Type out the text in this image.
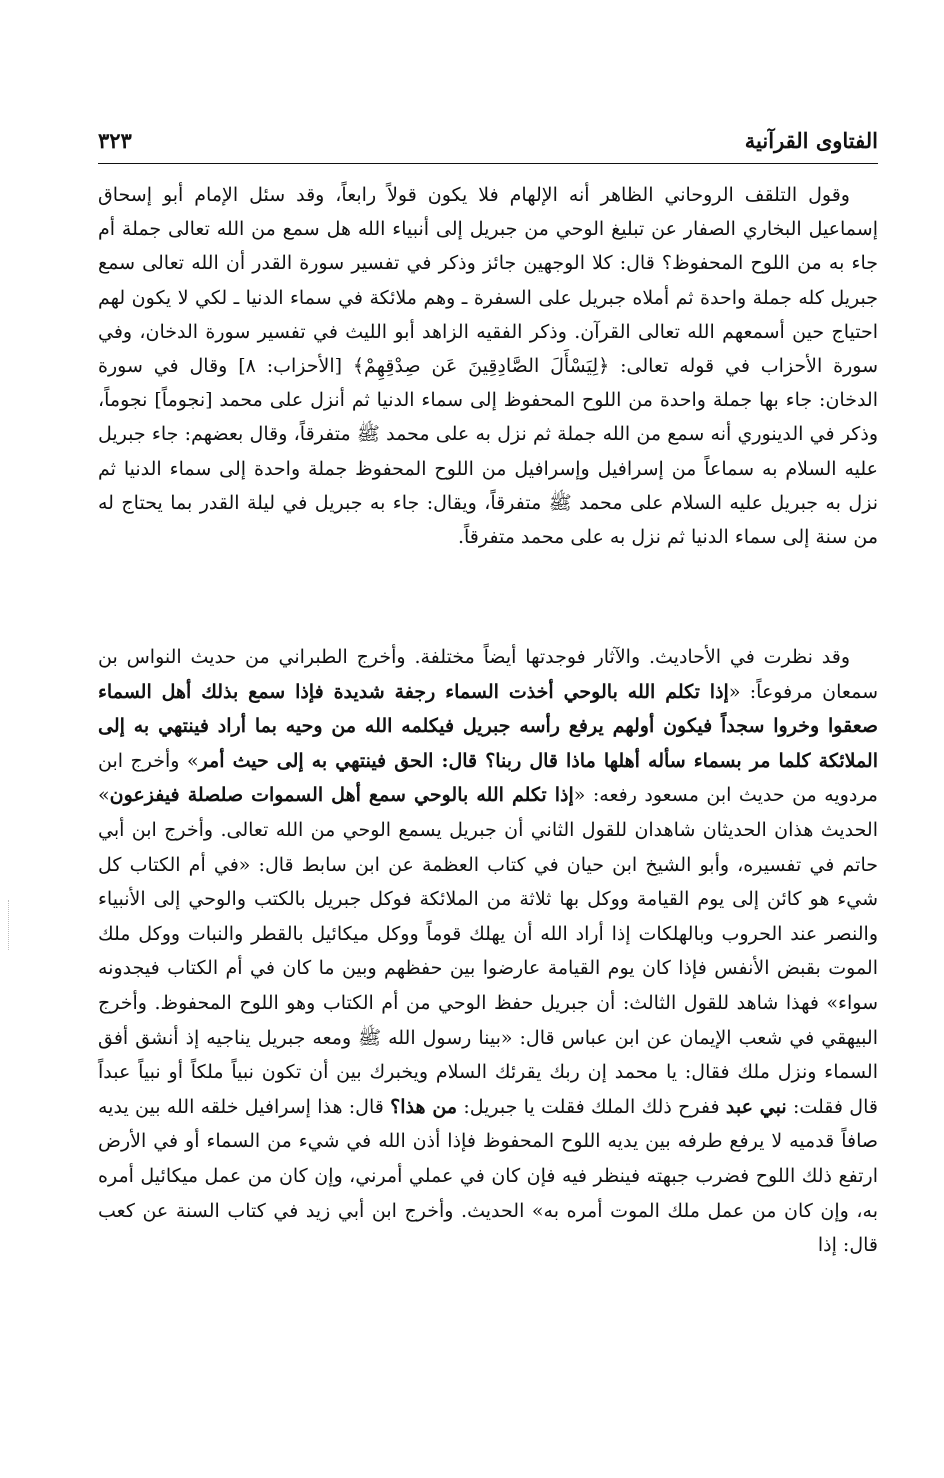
الفتاوى القرآنية
٣٢٣

وقول التلقف الروحاني الظاهر أنه الإلهام فلا يكون قولاً رابعاً، وقد سئل الإمام أبو إسحاق إسماعيل البخاري الصفار عن تبليغ الوحي من جبريل إلى أنبياء الله هل سمع من الله تعالى جملة أم جاء به من اللوح المحفوظ؟ قال: كلا الوجهين جائز وذكر في تفسير سورة القدر أن الله تعالى سمع جبريل كله جملة واحدة ثم أملاه جبريل على السفرة ـ وهم ملائكة في سماء الدنيا ـ لكي لا يكون لهم احتياج حين أسمعهم الله تعالى القرآن. وذكر الفقيه الزاهد أبو الليث في تفسير سورة الدخان، وفي سورة الأحزاب في قوله تعالى: ﴿لِيَسْأَلَ الصَّادِقِينَ عَن صِدْقِهِمْ﴾ [الأحزاب: ٨] وقال في سورة الدخان: جاء بها جملة واحدة من اللوح المحفوظ إلى سماء الدنيا ثم أنزل على محمد [نجوماً] نجوماً، وذكر في الدينوري أنه سمع من الله جملة ثم نزل به على محمد ﷺ متفرقاً، وقال بعضهم: جاء جبريل عليه السلام به سماعاً من إسرافيل وإسرافيل من اللوح المحفوظ جملة واحدة إلى سماء الدنيا ثم نزل به جبريل عليه السلام على محمد ﷺ متفرقاً، ويقال: جاء به جبريل في ليلة القدر بما يحتاج له من سنة إلى سماء الدنيا ثم نزل به على محمد متفرقاً.

وقد نظرت في الأحاديث. والآثار فوجدتها أيضاً مختلفة. وأخرج الطبراني من حديث النواس بن سمعان مرفوعاً: «إذا تكلم الله بالوحي أخذت السماء رجفة شديدة فإذا سمع بذلك أهل السماء صعقوا وخروا سجداً فيكون أولهم يرفع رأسه جبريل فيكلمه الله من وحيه بما أراد فينتهي به إلى الملائكة كلما مر بسماء سأله أهلها ماذا قال ربنا؟ قال: الحق فينتهي به إلى حيث أمر» وأخرج ابن مردويه من حديث ابن مسعود رفعه: «إذا تكلم الله بالوحي سمع أهل السموات صلصلة فيفزعون» الحديث هذان الحديثان شاهدان للقول الثاني أن جبريل يسمع الوحي من الله تعالى. وأخرج ابن أبي حاتم في تفسيره، وأبو الشيخ ابن حيان في كتاب العظمة عن ابن سابط قال: «في أم الكتاب كل شيء هو كائن إلى يوم القيامة ووكل بها ثلاثة من الملائكة فوكل جبريل بالكتب والوحي إلى الأنبياء والنصر عند الحروب وبالهلكات إذا أراد الله أن يهلك قوماً ووكل ميكائيل بالقطر والنبات ووكل ملك الموت بقبض الأنفس فإذا كان يوم القيامة عارضوا بين حفظهم وبين ما كان في أم الكتاب فيجدونه سواء» فهذا شاهد للقول الثالث: أن جبريل حفظ الوحي من أم الكتاب وهو اللوح المحفوظ. وأخرج البيهقي في شعب الإيمان عن ابن عباس قال: «بينا رسول الله ﷺ ومعه جبريل يناجيه إذ أنشق أفق السماء ونزل ملك فقال: يا محمد إن ربك يقرئك السلام ويخبرك بين أن تكون نبياً ملكاً أو نبياً عبداً قال فقلت: نبي عبد ففرح ذلك الملك فقلت يا جبريل: من هذا؟ قال: هذا إسرافيل خلقه الله بين يديه صافاً قدميه لا يرفع طرفه بين يديه اللوح المحفوظ فإذا أذن الله في شيء من السماء أو في الأرض ارتفع ذلك اللوح فضرب جبهته فينظر فيه فإن كان في عملي أمرني، وإن كان من عمل ميكائيل أمره به، وإن كان من عمل ملك الموت أمره به» الحديث. وأخرج ابن أبي زيد في كتاب السنة عن كعب قال: إذا
